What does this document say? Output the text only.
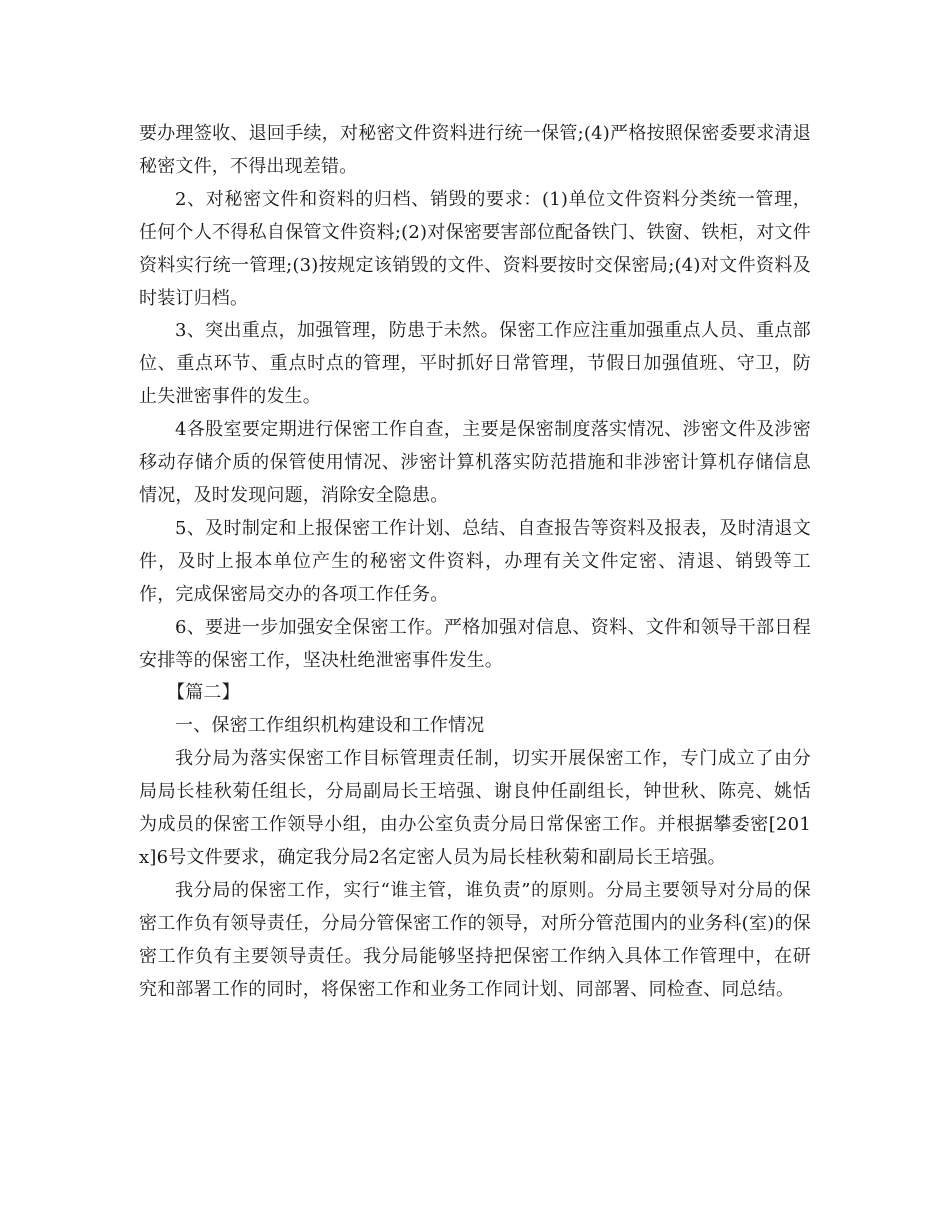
要办理签收、退回手续，对秘密文件资料进行统一保管;(4)严格按照保密委要求清退秘密文件，不得出现差错。

2、对秘密文件和资料的归档、销毁的要求：(1)单位文件资料分类统一管理，任何个人不得私自保管文件资料;(2)对保密要害部位配备铁门、铁窗、铁柜，对文件资料实行统一管理;(3)按规定该销毁的文件、资料要按时交保密局;(4)对文件资料及时装订归档。

3、突出重点，加强管理，防患于未然。保密工作应注重加强重点人员、重点部位、重点环节、重点时点的管理，平时抓好日常管理，节假日加强值班、守卫，防止失泄密事件的发生。

4各股室要定期进行保密工作自查，主要是保密制度落实情况、涉密文件及涉密移动存储介质的保管使用情况、涉密计算机落实防范措施和非涉密计算机存储信息情况，及时发现问题，消除安全隐患。

5、及时制定和上报保密工作计划、总结、自查报告等资料及报表，及时清退文件，及时上报本单位产生的秘密文件资料，办理有关文件定密、清退、销毁等工作，完成保密局交办的各项工作任务。

6、要进一步加强安全保密工作。严格加强对信息、资料、文件和领导干部日程安排等的保密工作，坚决杜绝泄密事件发生。

【篇二】

一、保密工作组织机构建设和工作情况

我分局为落实保密工作目标管理责任制，切实开展保密工作，专门成立了由分局局长桂秋菊任组长，分局副局长王培强、谢良仲任副组长，钟世秋、陈亮、姚恬为成员的保密工作领导小组，由办公室负责分局日常保密工作。并根据攀委密[201x]6号文件要求，确定我分局2名定密人员为局长桂秋菊和副局长王培强。

我分局的保密工作，实行“谁主管，谁负责”的原则。分局主要领导对分局的保密工作负有领导责任，分局分管保密工作的领导，对所分管范围内的业务科(室)的保密工作负有主要领导责任。我分局能够坚持把保密工作纳入具体工作管理中，在研究和部署工作的同时，将保密工作和业务工作同计划、同部署、同检查、同总结。
